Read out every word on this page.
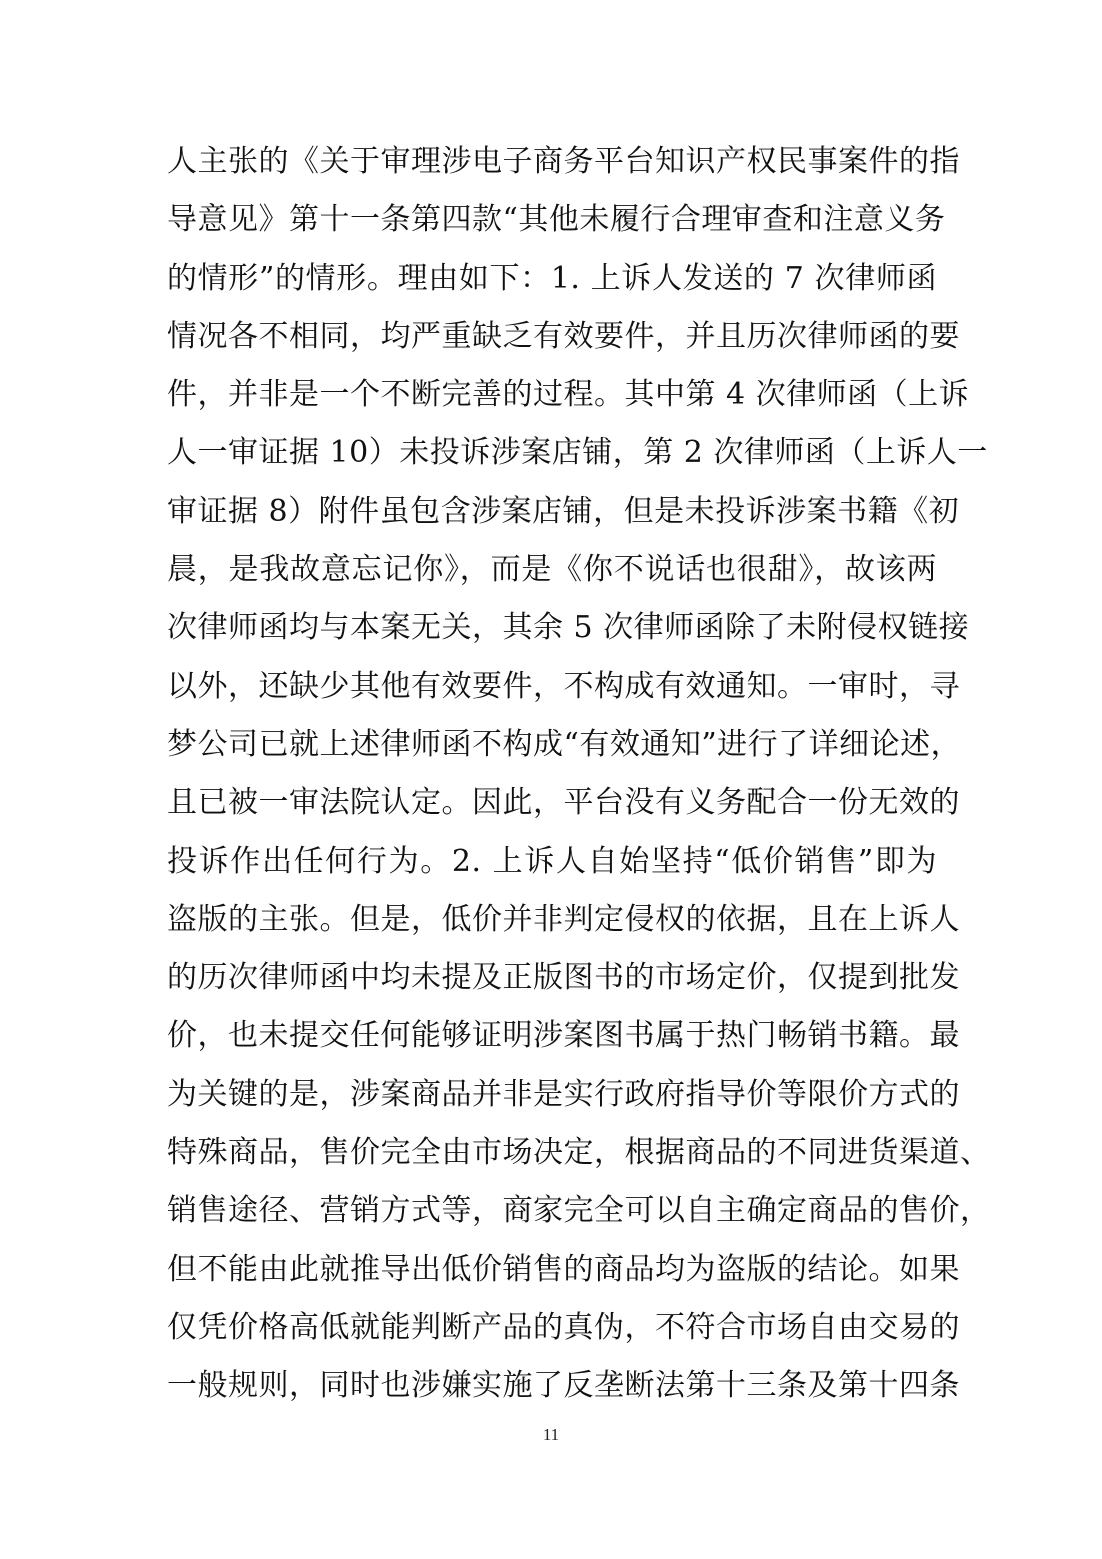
人主张的《关于审理涉电子商务平台知识产权民事案件的指
导意见》第十一条第四款“其他未履行合理审查和注意义务
的情形”的情形。理由如下：1. 上诉人发送的 7 次律师函
情况各不相同，均严重缺乏有效要件，并且历次律师函的要
件，并非是一个不断完善的过程。其中第 4 次律师函（上诉
人一审证据 10）未投诉涉案店铺，第 2 次律师函（上诉人一
审证据 8）附件虽包含涉案店铺，但是未投诉涉案书籍《初
晨，是我故意忘记你》，而是《你不说话也很甜》，故该两
次律师函均与本案无关，其余 5 次律师函除了未附侵权链接
以外，还缺少其他有效要件，不构成有效通知。一审时，寻
梦公司已就上述律师函不构成“有效通知”进行了详细论述，
且已被一审法院认定。因此，平台没有义务配合一份无效的
投诉作出任何行为。2. 上诉人自始坚持“低价销售”即为
盗版的主张。但是，低价并非判定侵权的依据，且在上诉人
的历次律师函中均未提及正版图书的市场定价，仅提到批发
价，也未提交任何能够证明涉案图书属于热门畅销书籍。最
为关键的是，涉案商品并非是实行政府指导价等限价方式的
特殊商品，售价完全由市场决定，根据商品的不同进货渠道、
销售途径、营销方式等，商家完全可以自主确定商品的售价，
但不能由此就推导出低价销售的商品均为盗版的结论。如果
仅凭价格高低就能判断产品的真伪，不符合市场自由交易的
一般规则，同时也涉嫌实施了反垄断法第十三条及第十四条
11
